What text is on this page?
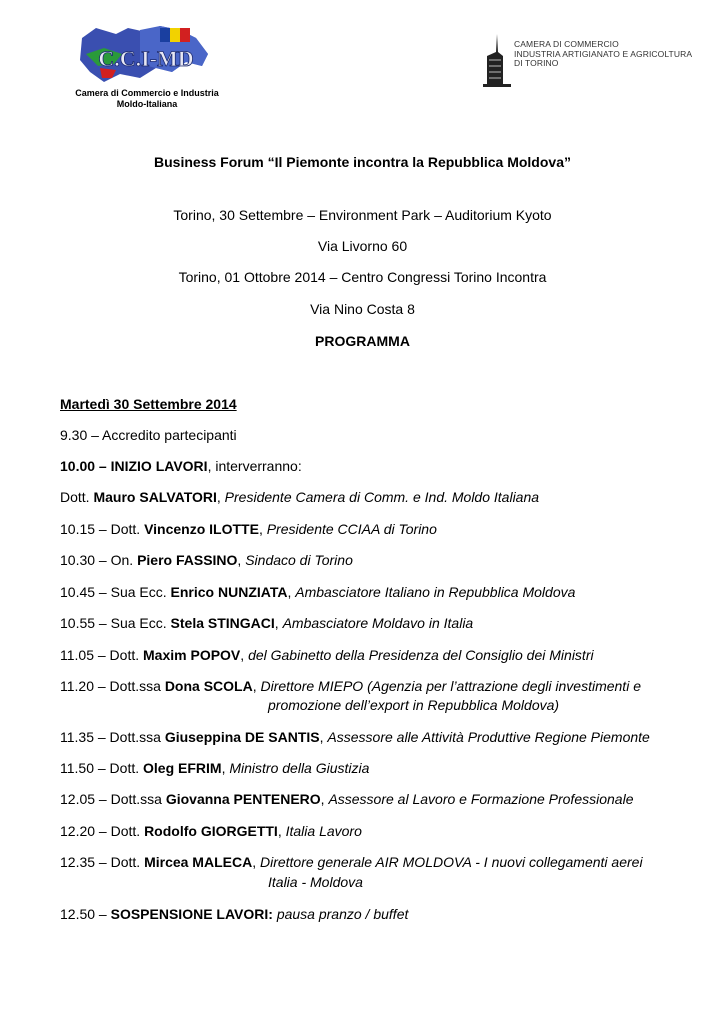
C.C.I-MD
Camera di Commercio e Industria
Moldo-Italiana
CAMERA DI COMMERCIO
INDUSTRIA ARTIGIANATO E AGRICOLTURA
DI TORINO
Business Forum “Il Piemonte incontra la Repubblica Moldova”
Torino, 30 Settembre – Environment Park – Auditorium Kyoto
Via Livorno 60
Torino, 01 Ottobre 2014 – Centro Congressi Torino Incontra
Via Nino Costa 8
PROGRAMMA
Martedì 30 Settembre 2014
9.30 – Accredito partecipanti
10.00 – INIZIO LAVORI, interverranno:
Dott. Mauro SALVATORI, Presidente Camera di Comm. e Ind. Moldo Italiana
10.15 – Dott. Vincenzo ILOTTE, Presidente CCIAA di Torino
10.30 – On. Piero FASSINO, Sindaco di Torino
10.45 – Sua Ecc. Enrico NUNZIATA, Ambasciatore Italiano in Repubblica Moldova
10.55 – Sua Ecc. Stela STINGACI, Ambasciatore Moldavo in Italia
11.05 – Dott. Maxim POPOV, del Gabinetto della Presidenza del Consiglio dei Ministri
11.20 – Dott.ssa Dona SCOLA, Direttore MIEPO (Agenzia per l’attrazione degli investimenti e
promozione dell’export in Repubblica Moldova)
11.35 – Dott.ssa Giuseppina DE SANTIS, Assessore alle Attività Produttive Regione Piemonte
11.50 – Dott. Oleg EFRIM, Ministro della Giustizia
12.05 – Dott.ssa Giovanna PENTENERO, Assessore al Lavoro e Formazione Professionale
12.20 – Dott. Rodolfo GIORGETTI, Italia Lavoro
12.35 – Dott. Mircea MALECA, Direttore generale AIR MOLDOVA - I nuovi collegamenti aerei
Italia - Moldova
12.50 – SOSPENSIONE LAVORI: pausa pranzo / buffet
